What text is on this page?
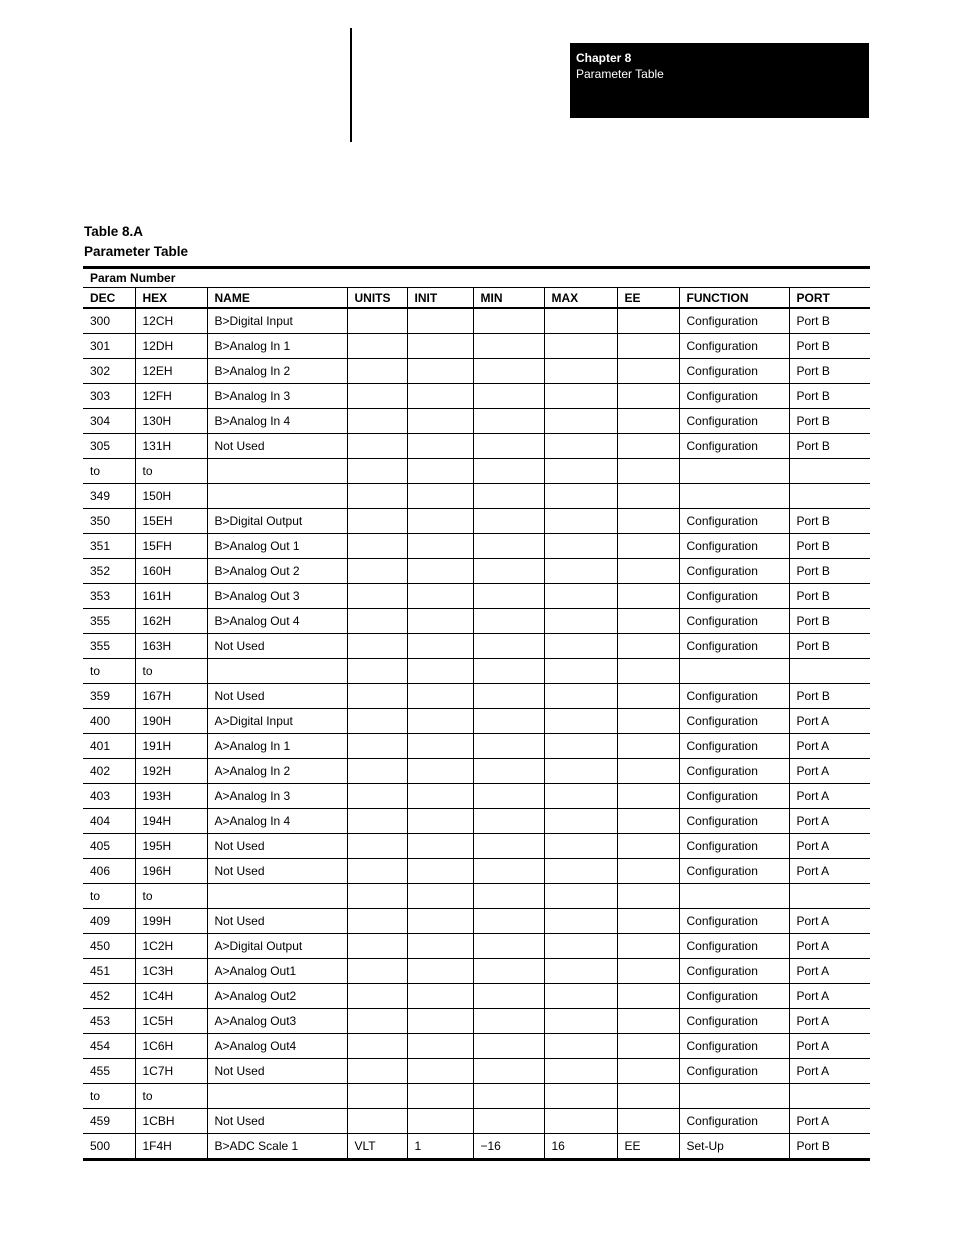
Chapter 8
Parameter Table
Table 8.A
Parameter Table
Param Number									
DEC	HEX	NAME	UNITS	INIT	MIN	MAX	EE	FUNCTION	PORT
300	12CH	B>Digital Input						Configuration	Port B
301	12DH	B>Analog In 1						Configuration	Port B
302	12EH	B>Analog In 2						Configuration	Port B
303	12FH	B>Analog In 3						Configuration	Port B
304	130H	B>Analog In 4						Configuration	Port B
305	131H	Not Used						Configuration	Port B
to	to								
349	150H								
350	15EH	B>Digital Output						Configuration	Port B
351	15FH	B>Analog Out 1						Configuration	Port B
352	160H	B>Analog Out 2						Configuration	Port B
353	161H	B>Analog Out 3						Configuration	Port B
355	162H	B>Analog Out 4						Configuration	Port B
355	163H	Not Used						Configuration	Port B
to	to								
359	167H	Not Used						Configuration	Port B
400	190H	A>Digital Input						Configuration	Port A
401	191H	A>Analog In 1						Configuration	Port A
402	192H	A>Analog In 2						Configuration	Port A
403	193H	A>Analog In 3						Configuration	Port A
404	194H	A>Analog In 4						Configuration	Port A
405	195H	Not Used						Configuration	Port A
406	196H	Not Used						Configuration	Port A
to	to								
409	199H	Not Used						Configuration	Port A
450	1C2H	A>Digital Output						Configuration	Port A
451	1C3H	A>Analog Out1						Configuration	Port A
452	1C4H	A>Analog Out2						Configuration	Port A
453	1C5H	A>Analog Out3						Configuration	Port A
454	1C6H	A>Analog Out4						Configuration	Port A
455	1C7H	Not Used						Configuration	Port A
to	to								
459	1CBH	Not Used						Configuration	Port A
500	1F4H	B>ADC Scale 1	VLT	1	−16	16	EE	Set-Up	Port B
